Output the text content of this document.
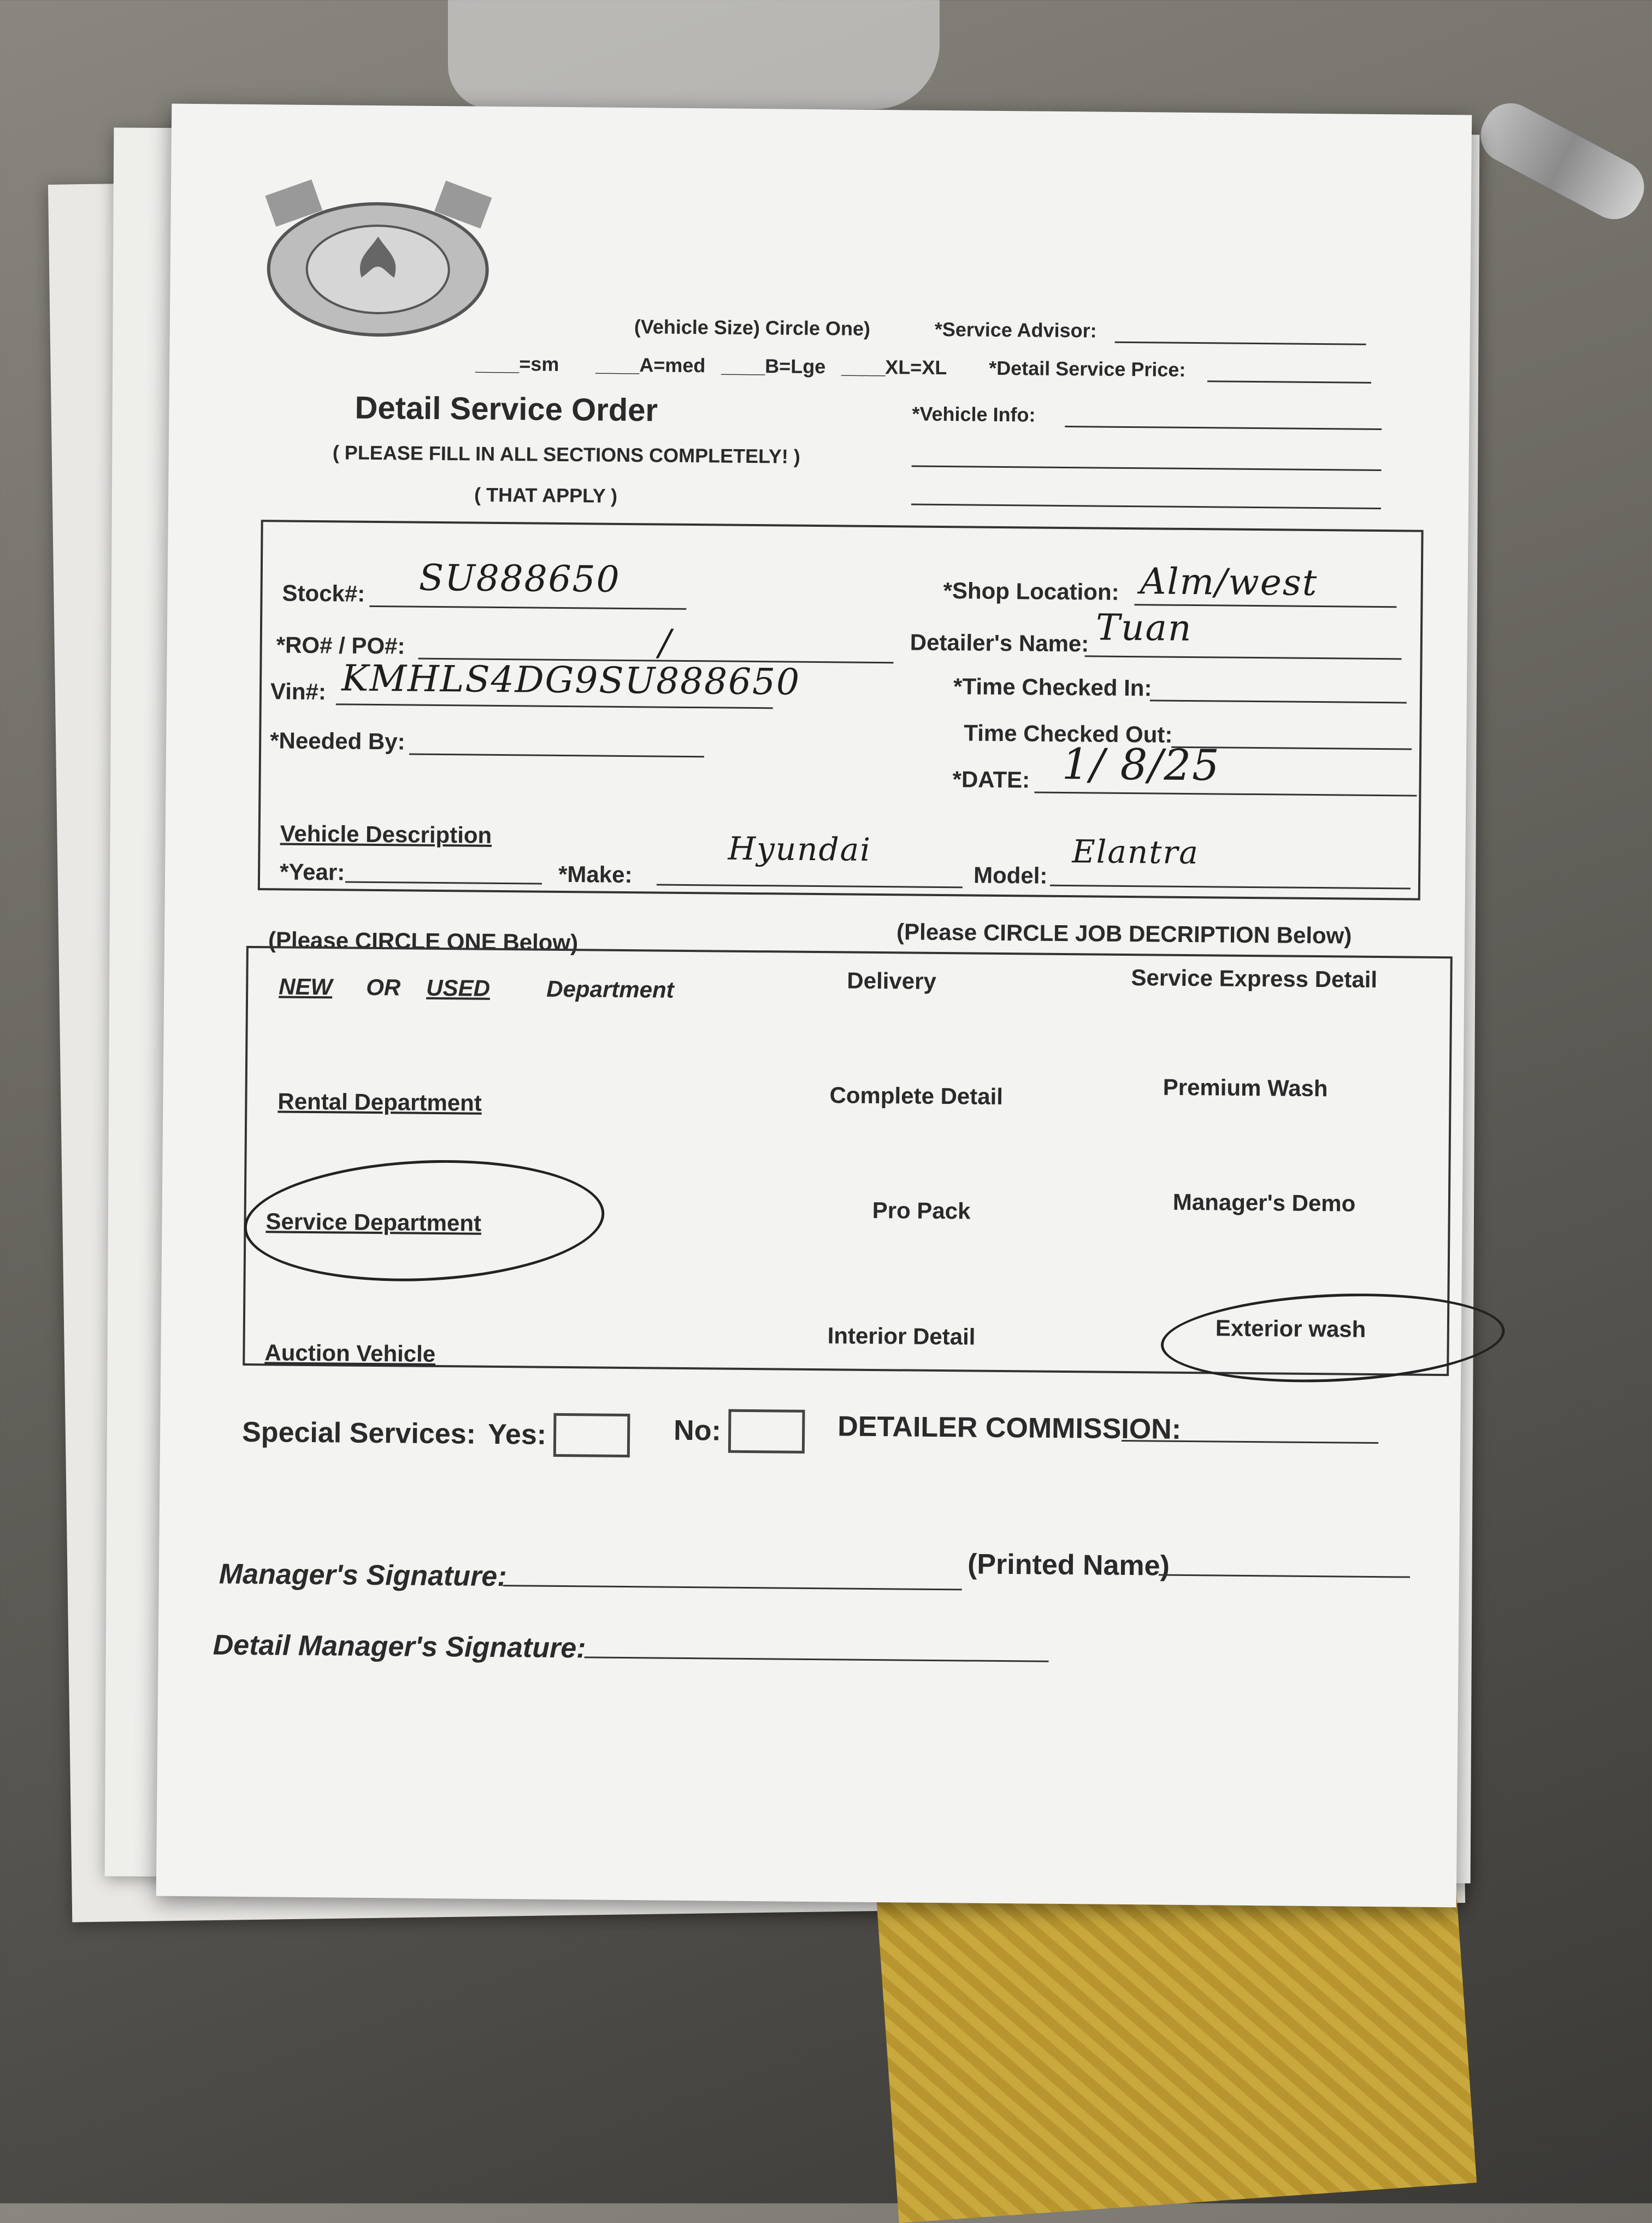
(Vehicle Size) Circle One)
____=sm ____A=med ____B=Lge ____XL=XL
Detail Service Order
( PLEASE FILL IN ALL SECTIONS COMPLETELY! )
( THAT APPLY )
*Service Advisor:
*Detail Service Price:
*Vehicle Info:
Stock#: SU888650
*RO# / PO#:	/
Vin#: KMHLS4DG9SU888650
*Needed By:
*Shop Location: Alm/west
Detailer's Name: Tuan
*Time Checked In:
Time Checked Out:
*DATE: 1/ 8/25
Vehicle Description
*Year:	*Make:
Hyundai
Model:
Elantra
(Please CIRCLE ONE Below)	(Please CIRCLE JOB DECRIPTION Below)
NEW OR USED Department
Rental Department
Service Department
Auction Vehicle
Delivery	Service Express Detail
Complete Detail	Premium Wash
Pro Pack	Manager's Demo
Interior Detail	Exterior wash
Special Services: Yes:	No:	DETAILER COMMISSION:
Manager's Signature:	(Printed Name)
Detail Manager's Signature:
